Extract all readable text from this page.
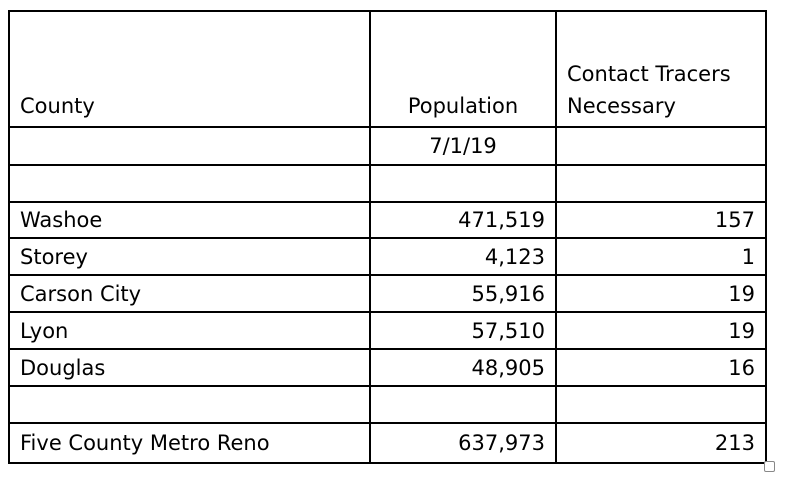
County	Population	Contact Tracers
Necessary

	7/1/19	

Washoe	471,519	157
Storey	4,123	1
Carson City	55,916	19
Lyon	57,510	19
Douglas	48,905	16

Five County Metro Reno	637,973	213
